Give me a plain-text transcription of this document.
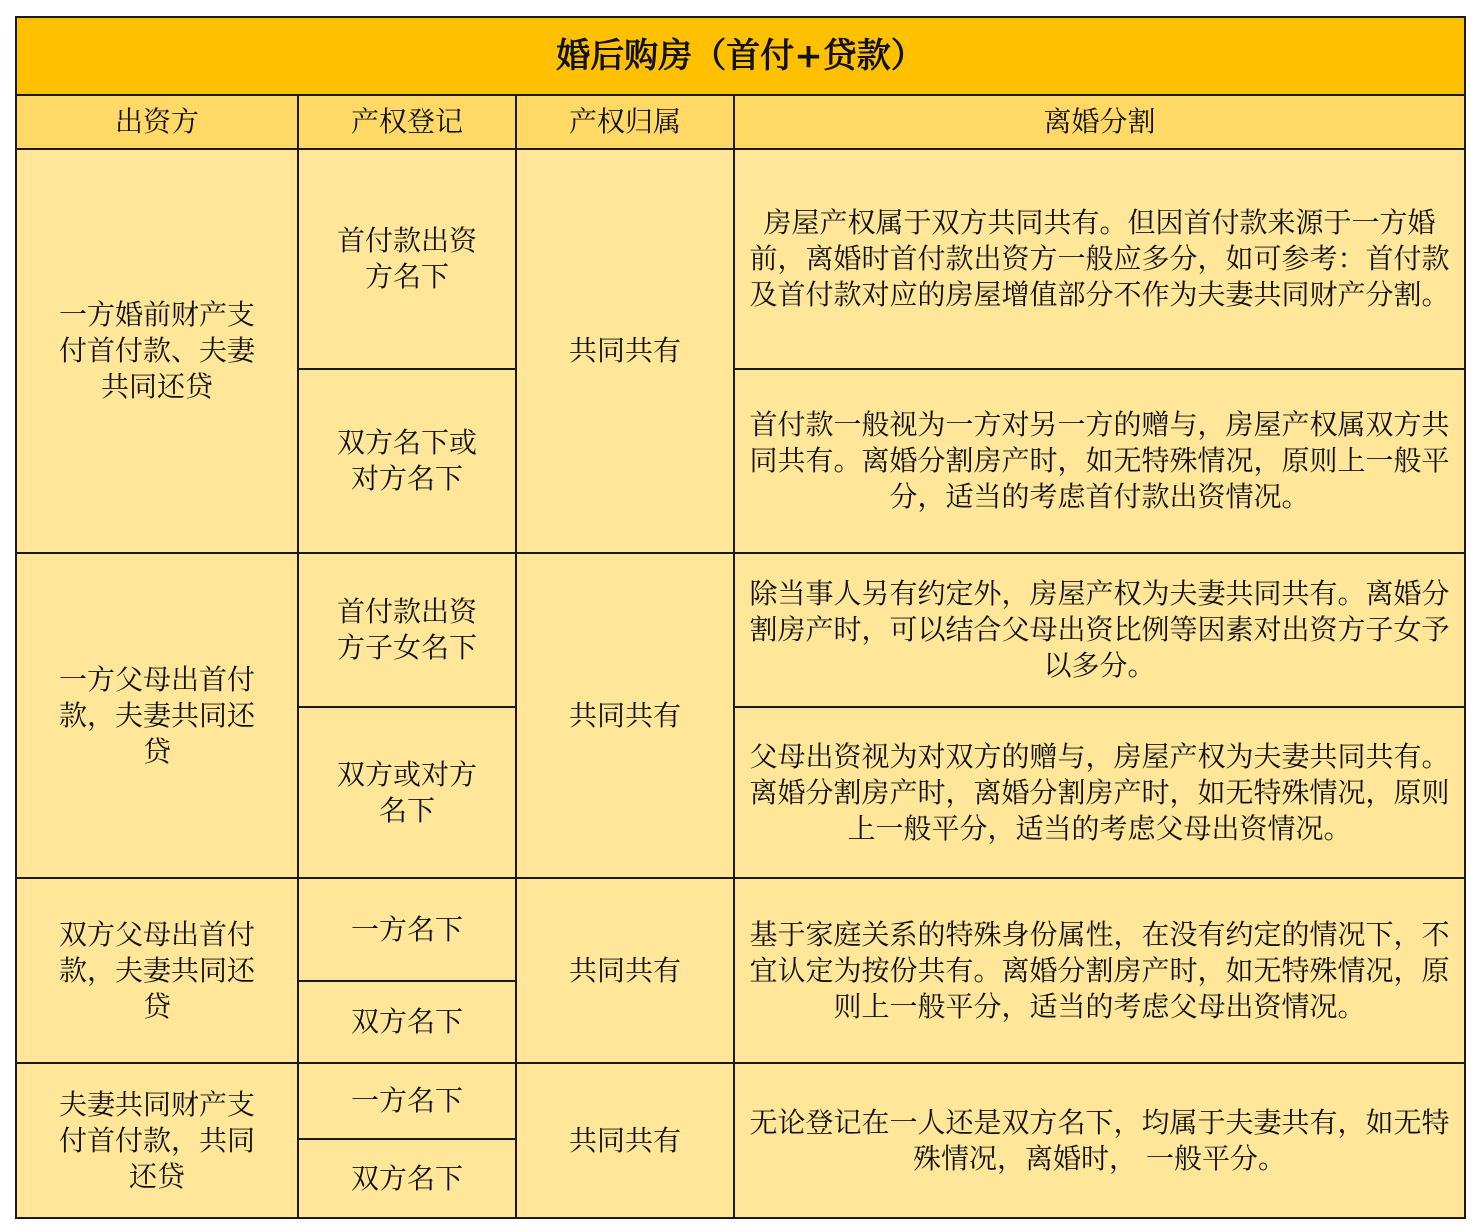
婚后购房（首付+贷款）			
出资方	产权登记	产权归属	离婚分割
一方婚前财产支付首付款、夫妻共同还贷	首付款出资方名下	共同共有	房屋产权属于双方共同共有。但因首付款来源于一方婚前，离婚时首付款出资方一般应多分，如可参考：首付款及首付款对应的房屋增值部分不作为夫妻共同财产分割。
	双方名下或对方名下		首付款一般视为一方对另一方的赠与，房屋产权属双方共同共有。离婚分割房产时，如无特殊情况，原则上一般平分，适当的考虑首付款出资情况。
一方父母出首付款，夫妻共同还贷	首付款出资方子女名下	共同共有	除当事人另有约定外，房屋产权为夫妻共同共有。离婚分割房产时，可以结合父母出资比例等因素对出资方子女予以多分。
	双方或对方名下		父母出资视为对双方的赠与，房屋产权为夫妻共同共有。离婚分割房产时，离婚分割房产时，如无特殊情况，原则上一般平分，适当的考虑父母出资情况。
双方父母出首付款，夫妻共同还贷	一方名下	共同共有	基于家庭关系的特殊身份属性，在没有约定的情况下，不宜认定为按份共有。离婚分割房产时，如无特殊情况，原则上一般平分，适当的考虑父母出资情况。
	双方名下		
夫妻共同财产支付首付款，共同还贷	一方名下	共同共有	无论登记在一人还是双方名下，均属于夫妻共有，如无特殊情况，离婚时， 一般平分。
	双方名下		
